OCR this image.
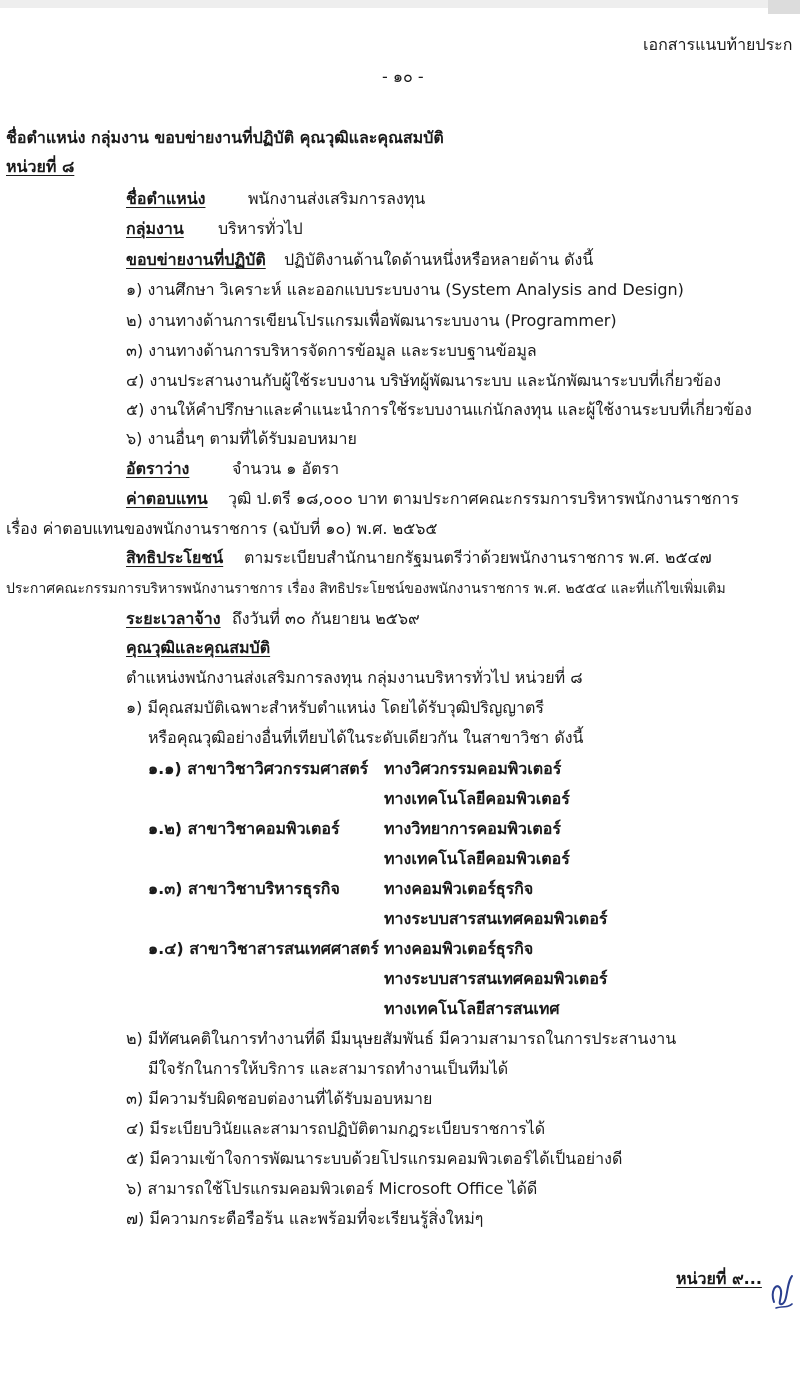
เอกสารแนบท้ายประก
- ๑๐ -
ชื่อตำแหน่ง กลุ่มงาน ขอบข่ายงานที่ปฏิบัติ คุณวุฒิและคุณสมบัติ
หน่วยที่ ๘
ชื่อตำแหน่ง	พนักงานส่งเสริมการลงทุน
กลุ่มงาน บริหารทั่วไป
ขอบข่ายงานที่ปฏิบัติ ปฏิบัติงานด้านใดด้านหนึ่งหรือหลายด้าน ดังนี้
๑) งานศึกษา วิเคราะห์ และออกแบบระบบงาน (System Analysis and Design)
๒) งานทางด้านการเขียนโปรแกรมเพื่อพัฒนาระบบงาน (Programmer)
๓) งานทางด้านการบริหารจัดการข้อมูล และระบบฐานข้อมูล
๔) งานประสานงานกับผู้ใช้ระบบงาน บริษัทผู้พัฒนาระบบ และนักพัฒนาระบบที่เกี่ยวข้อง
๕) งานให้คำปรึกษาและคำแนะนำการใช้ระบบงานแก่นักลงทุน และผู้ใช้งานระบบที่เกี่ยวข้อง
๖) งานอื่นๆ ตามที่ได้รับมอบหมาย
อัตราว่าง	จำนวน ๑ อัตรา
ค่าตอบแทน วุฒิ ป.ตรี ๑๘,๐๐๐ บาท ตามประกาศคณะกรรมการบริหารพนักงานราชการ
เรื่อง ค่าตอบแทนของพนักงานราชการ (ฉบับที่ ๑๐) พ.ศ. ๒๕๖๕
สิทธิประโยชน์ ตามระเบียบสำนักนายกรัฐมนตรีว่าด้วยพนักงานราชการ พ.ศ. ๒๕๔๗
ประกาศคณะกรรมการบริหารพนักงานราชการ เรื่อง สิทธิประโยชน์ของพนักงานราชการ พ.ศ. ๒๕๕๔ และที่แก้ไขเพิ่มเติม
ระยะเวลาจ้าง ถึงวันที่ ๓๐ กันยายน ๒๕๖๙
คุณวุฒิและคุณสมบัติ
ตำแหน่งพนักงานส่งเสริมการลงทุน กลุ่มงานบริหารทั่วไป หน่วยที่ ๘
๑) มีคุณสมบัติเฉพาะสำหรับตำแหน่ง โดยได้รับวุฒิปริญญาตรี
หรือคุณวุฒิอย่างอื่นที่เทียบได้ในระดับเดียวกัน ในสาขาวิชา ดังนี้
๑.๑) สาขาวิชาวิศวกรรมศาสตร์ ทางวิศวกรรมคอมพิวเตอร์
ทางเทคโนโลยีคอมพิวเตอร์
๑.๒) สาขาวิชาคอมพิวเตอร์	ทางวิทยาการคอมพิวเตอร์
ทางเทคโนโลยีคอมพิวเตอร์
๑.๓) สาขาวิชาบริหารธุรกิจ	ทางคอมพิวเตอร์ธุรกิจ
ทางระบบสารสนเทศคอมพิวเตอร์
๑.๔) สาขาวิชาสารสนเทศศาสตร์ ทางคอมพิวเตอร์ธุรกิจ
ทางระบบสารสนเทศคอมพิวเตอร์
ทางเทคโนโลยีสารสนเทศ
๒) มีทัศนคติในการทำงานที่ดี มีมนุษยสัมพันธ์ มีความสามารถในการประสานงาน
มีใจรักในการให้บริการ และสามารถทำงานเป็นทีมได้
๓) มีความรับผิดชอบต่องานที่ได้รับมอบหมาย
๔) มีระเบียบวินัยและสามารถปฏิบัติตามกฎระเบียบราชการได้
๕) มีความเข้าใจการพัฒนาระบบด้วยโปรแกรมคอมพิวเตอร์ได้เป็นอย่างดี
๖) สามารถใช้โปรแกรมคอมพิวเตอร์ Microsoft Office ได้ดี
๗) มีความกระตือรือร้น และพร้อมที่จะเรียนรู้สิ่งใหม่ๆ
หน่วยที่ ๙...
